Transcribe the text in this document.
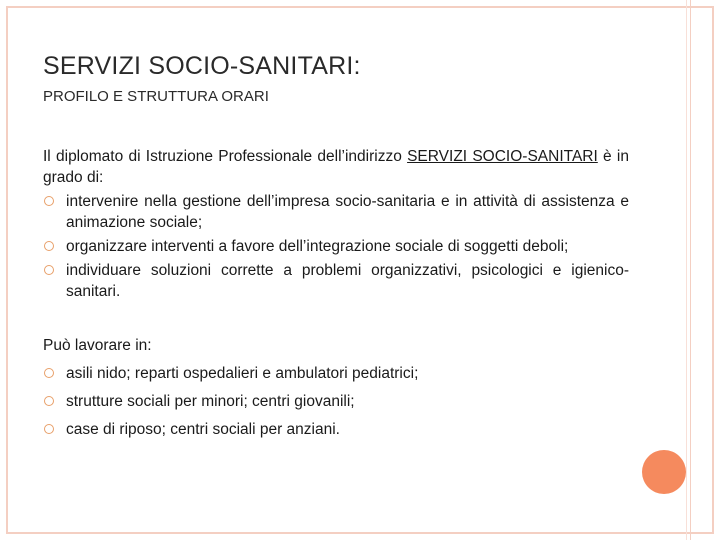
SERVIZI SOCIO-SANITARI:
PROFILO E STRUTTURA ORARI

Il diplomato di Istruzione Professionale dell’indirizzo SERVIZI SOCIO-SANITARI è in grado di:

intervenire nella gestione dell’impresa socio-sanitaria e in attività di assistenza e animazione sociale;
organizzare interventi a favore dell’integrazione sociale di soggetti deboli;
individuare soluzioni corrette a problemi organizzativi, psicologici e igienico-sanitari.

Può lavorare in:

asili nido; reparti ospedalieri e ambulatori pediatrici;
strutture sociali per minori; centri giovanili;
case di riposo; centri sociali per anziani.
